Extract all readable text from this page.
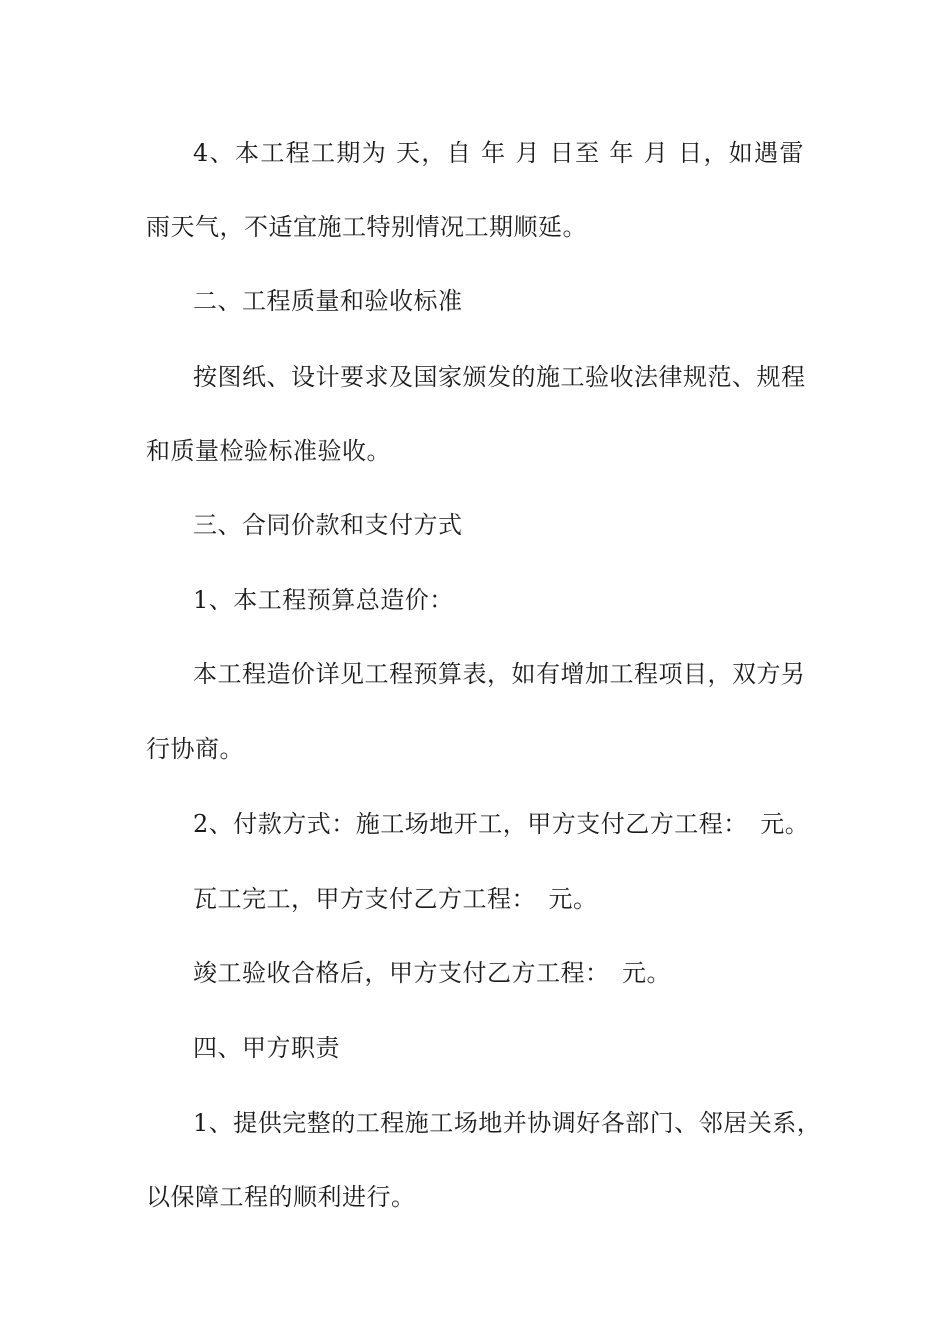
4、本工程工期为 天，自 年 月 日至 年 月 日，如遇雷
雨天气，不适宜施工特别情况工期顺延。
二、工程质量和验收标准
按图纸、设计要求及国家颁发的施工验收法律规范、规程
和质量检验标准验收。
三、合同价款和支付方式
1、本工程预算总造价：
本工程造价详见工程预算表，如有增加工程项目，双方另
行协商。
2、付款方式：施工场地开工，甲方支付乙方工程：　元。
瓦工完工，甲方支付乙方工程：　元。
竣工验收合格后，甲方支付乙方工程：　元。
四、甲方职责
1、提供完整的工程施工场地并协调好各部门、邻居关系，
以保障工程的顺利进行。
